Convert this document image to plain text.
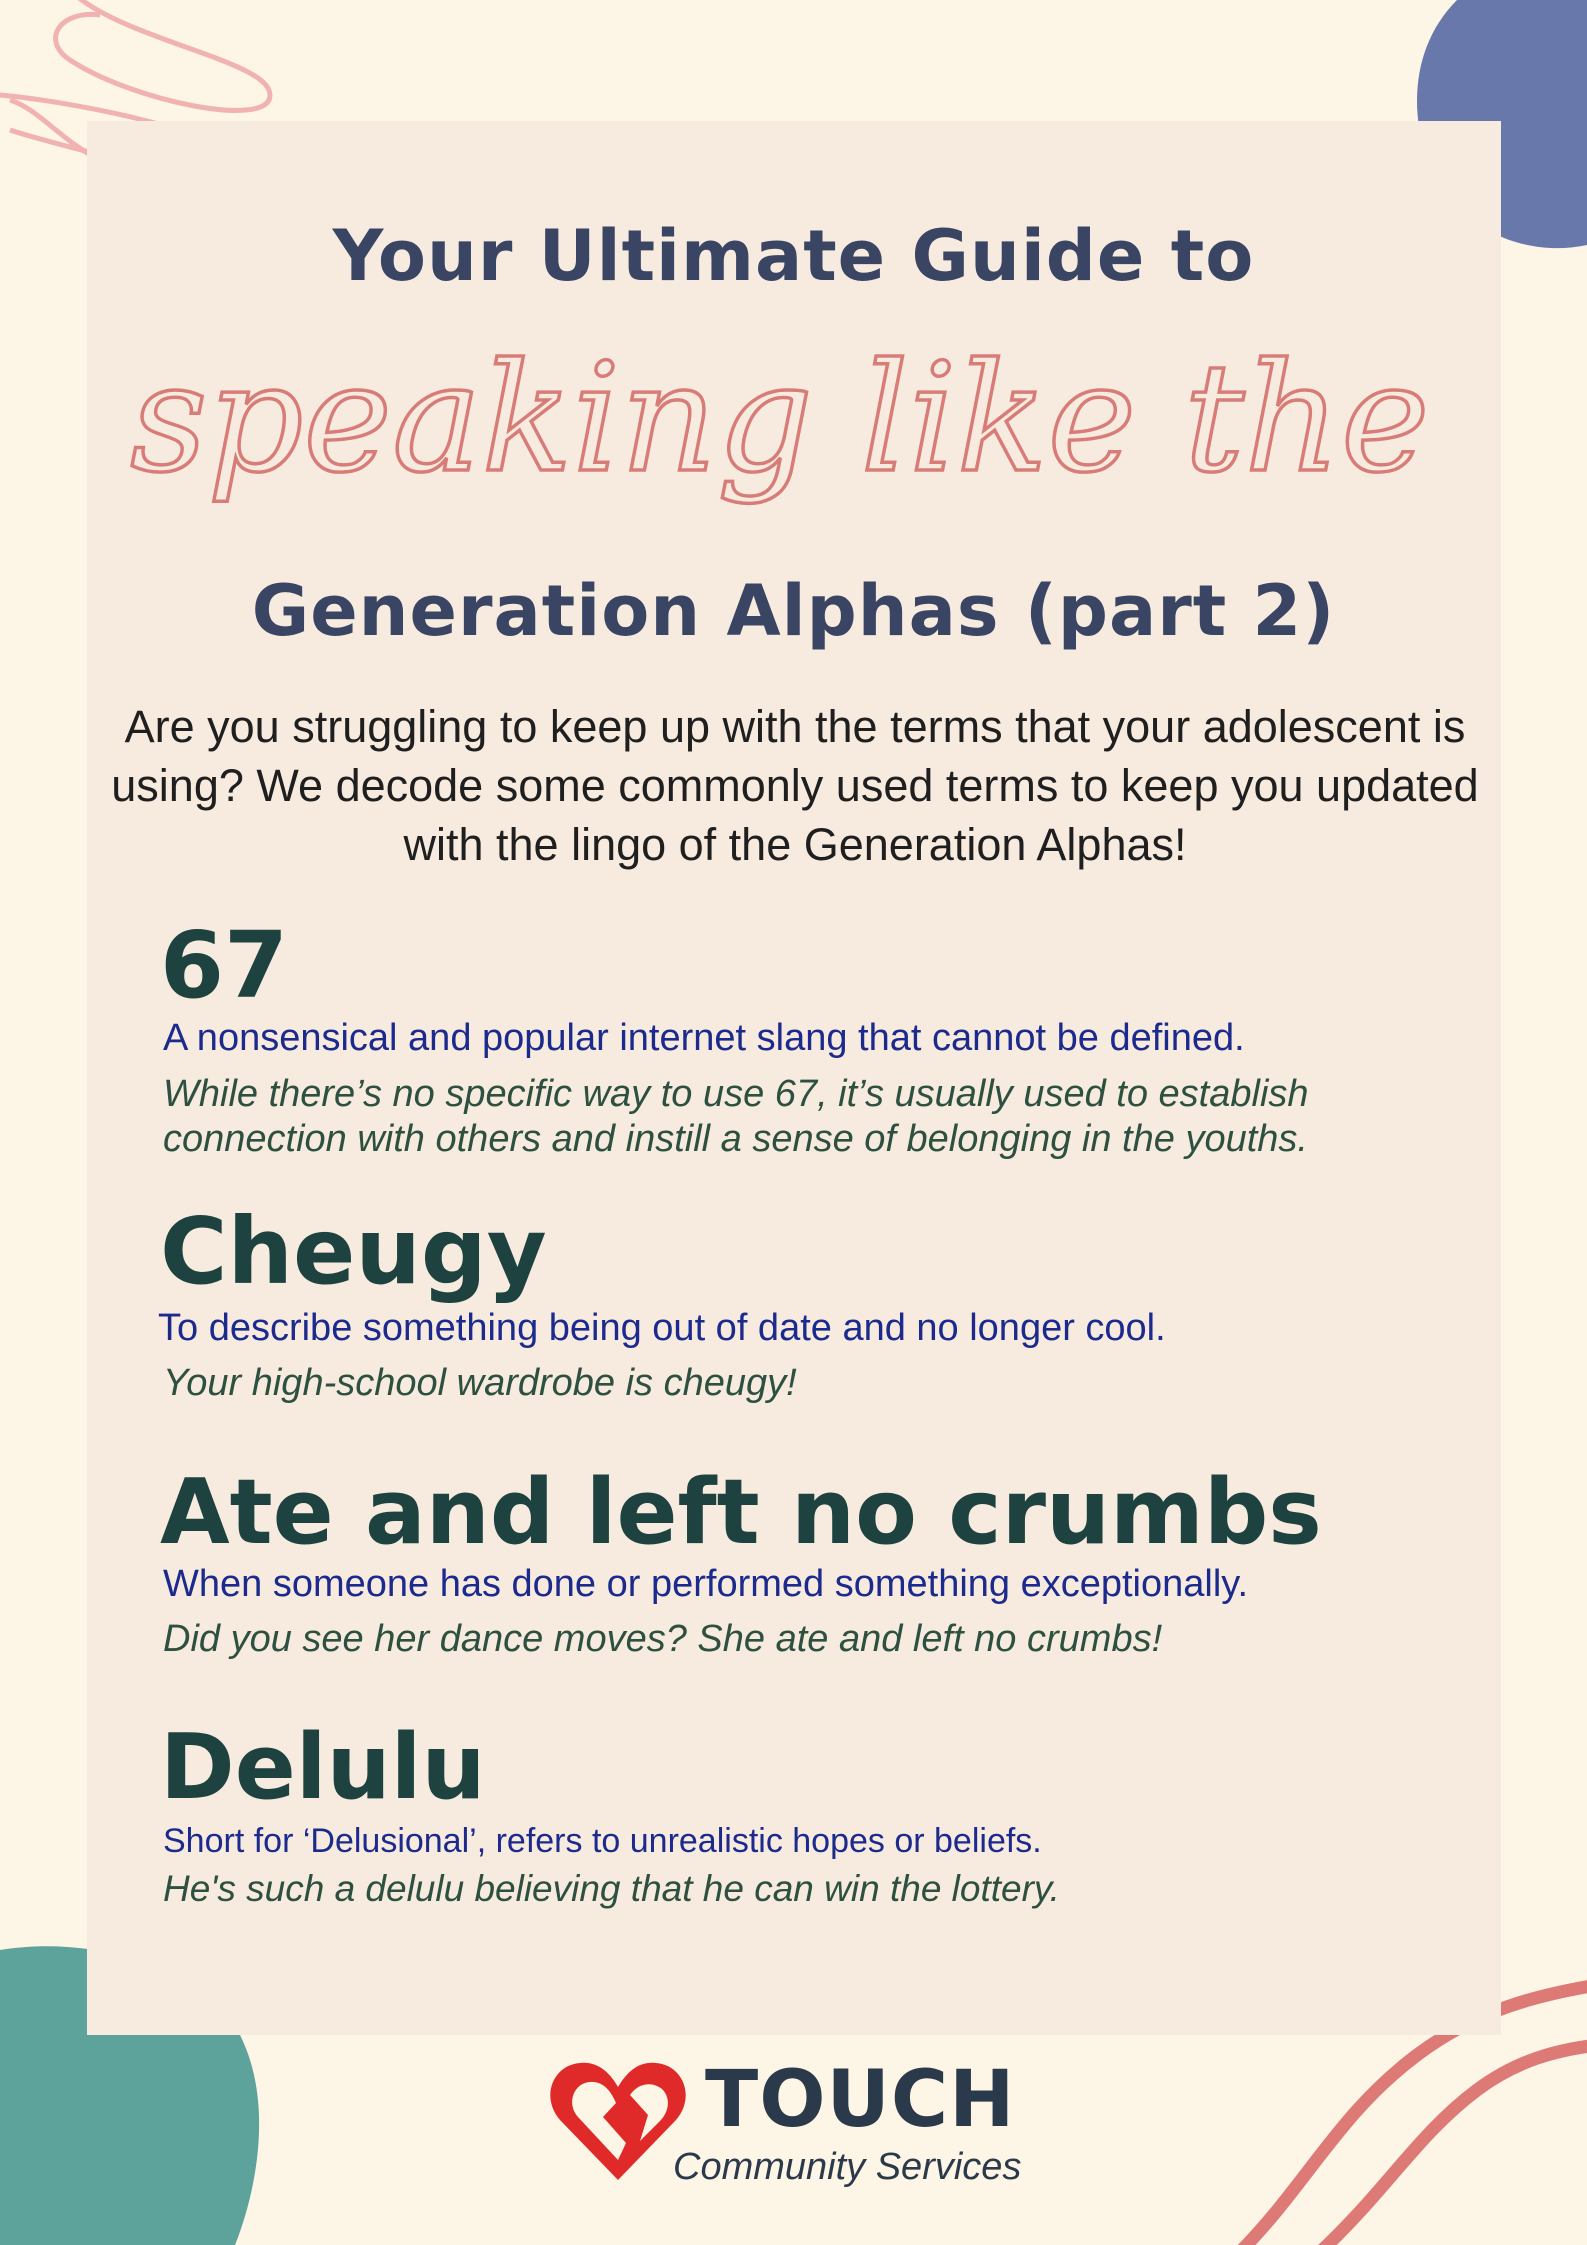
Your Ultimate Guide to
speaking like the
Generation Alphas (part 2)
Are you struggling to keep up with the terms that your adolescent is using? We decode some commonly used terms to keep you updated with the lingo of the Generation Alphas!
67
A nonsensical and popular internet slang that cannot be defined.
While there’s no specific way to use 67, it’s usually used to establish connection with others and instill a sense of belonging in the youths.
Cheugy
To describe something being out of date and no longer cool.
Your high-school wardrobe is cheugy!
Ate and left no crumbs
When someone has done or performed something exceptionally.
Did you see her dance moves? She ate and left no crumbs!
Delulu
Short for ‘Delusional’, refers to unrealistic hopes or beliefs.
He's such a delulu believing that he can win the lottery.
TOUCH
Community Services
